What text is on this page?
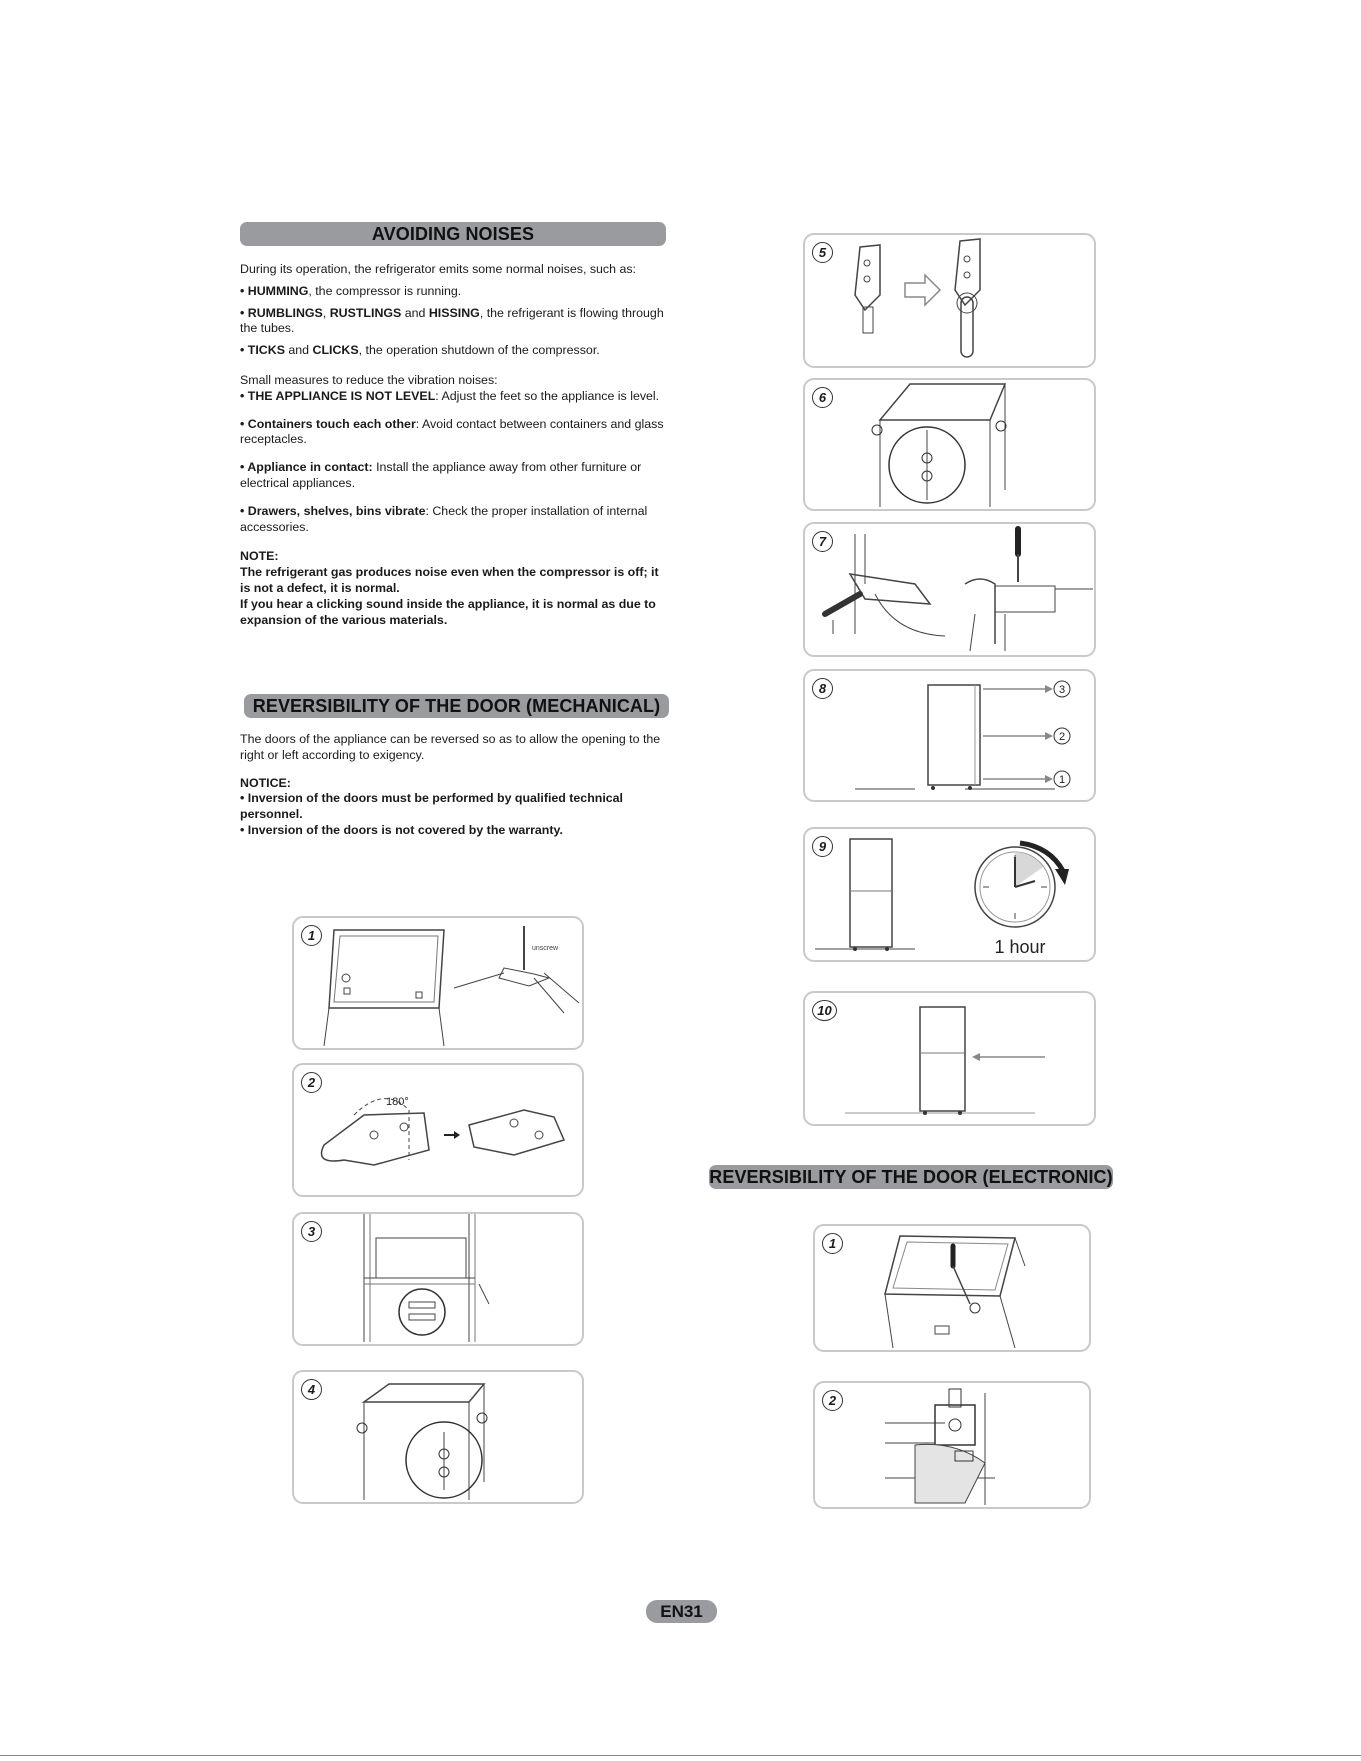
AVOIDING NOISES

During its operation, the refrigerator emits some normal noises, such as:

• HUMMING, the compressor is running.

• RUMBLINGS, RUSTLINGS and HISSING, the refrigerant is flowing through the tubes.

• TICKS and CLICKS, the operation shutdown of the compressor.

Small measures to reduce the vibration noises:

• THE APPLIANCE IS NOT LEVEL: Adjust the feet so the appliance is level.

• Containers touch each other: Avoid contact between containers and glass receptacles.

• Appliance in contact: Install the appliance away from other furniture or electrical appliances.

• Drawers, shelves, bins vibrate: Check the proper installation of internal accessories.

NOTE:

The refrigerant gas produces noise even when the compressor is off; it is not a defect, it is normal.

If you hear a clicking sound inside the appliance, it is normal as due to expansion of the various materials.

REVERSIBILITY OF THE DOOR (MECHANICAL)

The doors of the appliance can be reversed so as to allow the opening to the right or left according to exigency.

NOTICE:

• Inversion of the doors must be performed by qualified technical personnel.

• Inversion of the doors is not covered by the warranty.

unscrew
1
180°
2
3
4
5
6
7
3
2
1
8
1 hour
9
10
REVERSIBILITY OF THE DOOR (ELECTRONIC)
1
2
EN31
